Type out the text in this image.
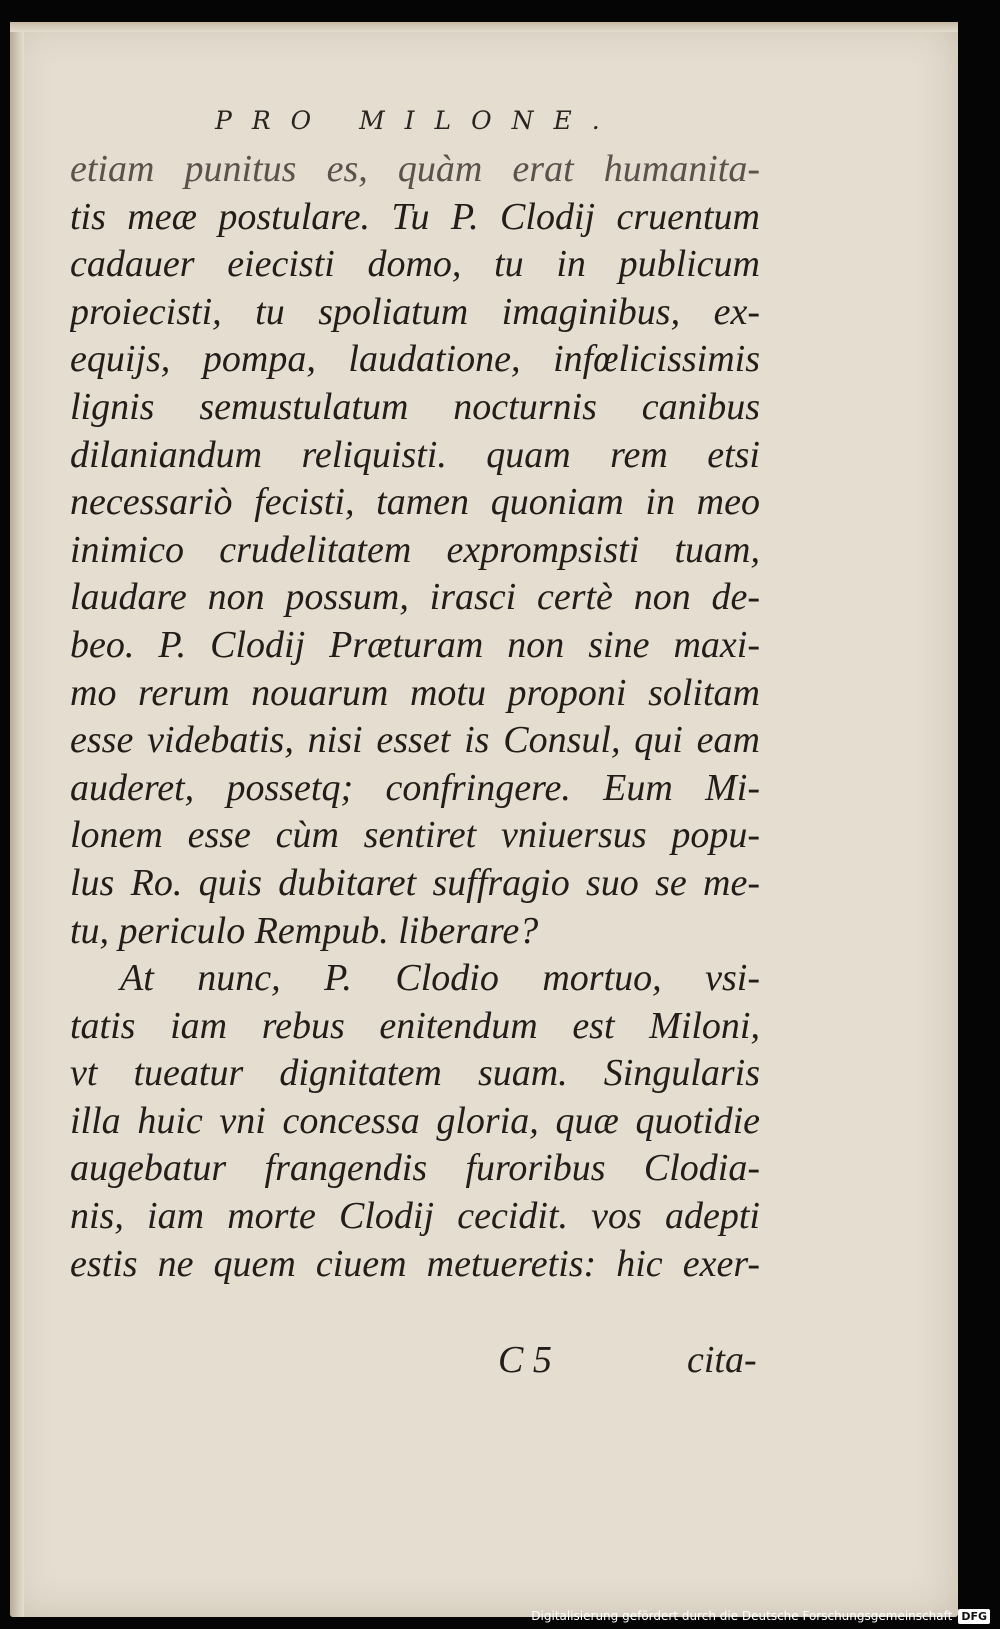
PRO MILONE.
etiam punitus es, quàm erat humanita-
tis meæ postulare. Tu P. Clodij cruentum
cadauer eiecisti domo, tu in publicum
proiecisti, tu spoliatum imaginibus, ex-
equijs, pompa, laudatione, infœlicissimis
lignis semustulatum nocturnis canibus
dilaniandum reliquisti. quam rem etsi
necessariò fecisti, tamen quoniam in meo
inimico crudelitatem exprompsisti tuam,
laudare non possum, irasci certè non de-
beo. P. Clodij Præturam non sine maxi-
mo rerum nouarum motu proponi solitam
esse videbatis, nisi esset is Consul, qui eam
auderet, possetq; confringere. Eum Mi-
lonem esse cùm sentiret vniuersus popu-
lus Ro. quis dubitaret suffragio suo se me-
tu, periculo Rempub. liberare?
At nunc, P. Clodio mortuo, vsi-
tatis iam rebus enitendum est Miloni,
vt tueatur dignitatem suam. Singularis
illa huic vni concessa gloria, quæ quotidie
augebatur frangendis furoribus Clodia-
nis, iam morte Clodij cecidit. vos adepti
estis ne quem ciuem metueretis: hic exer-
C 5	cita-
Digitalisierung gefördert durch die Deutsche Forschungsgemeinschaft DFG
